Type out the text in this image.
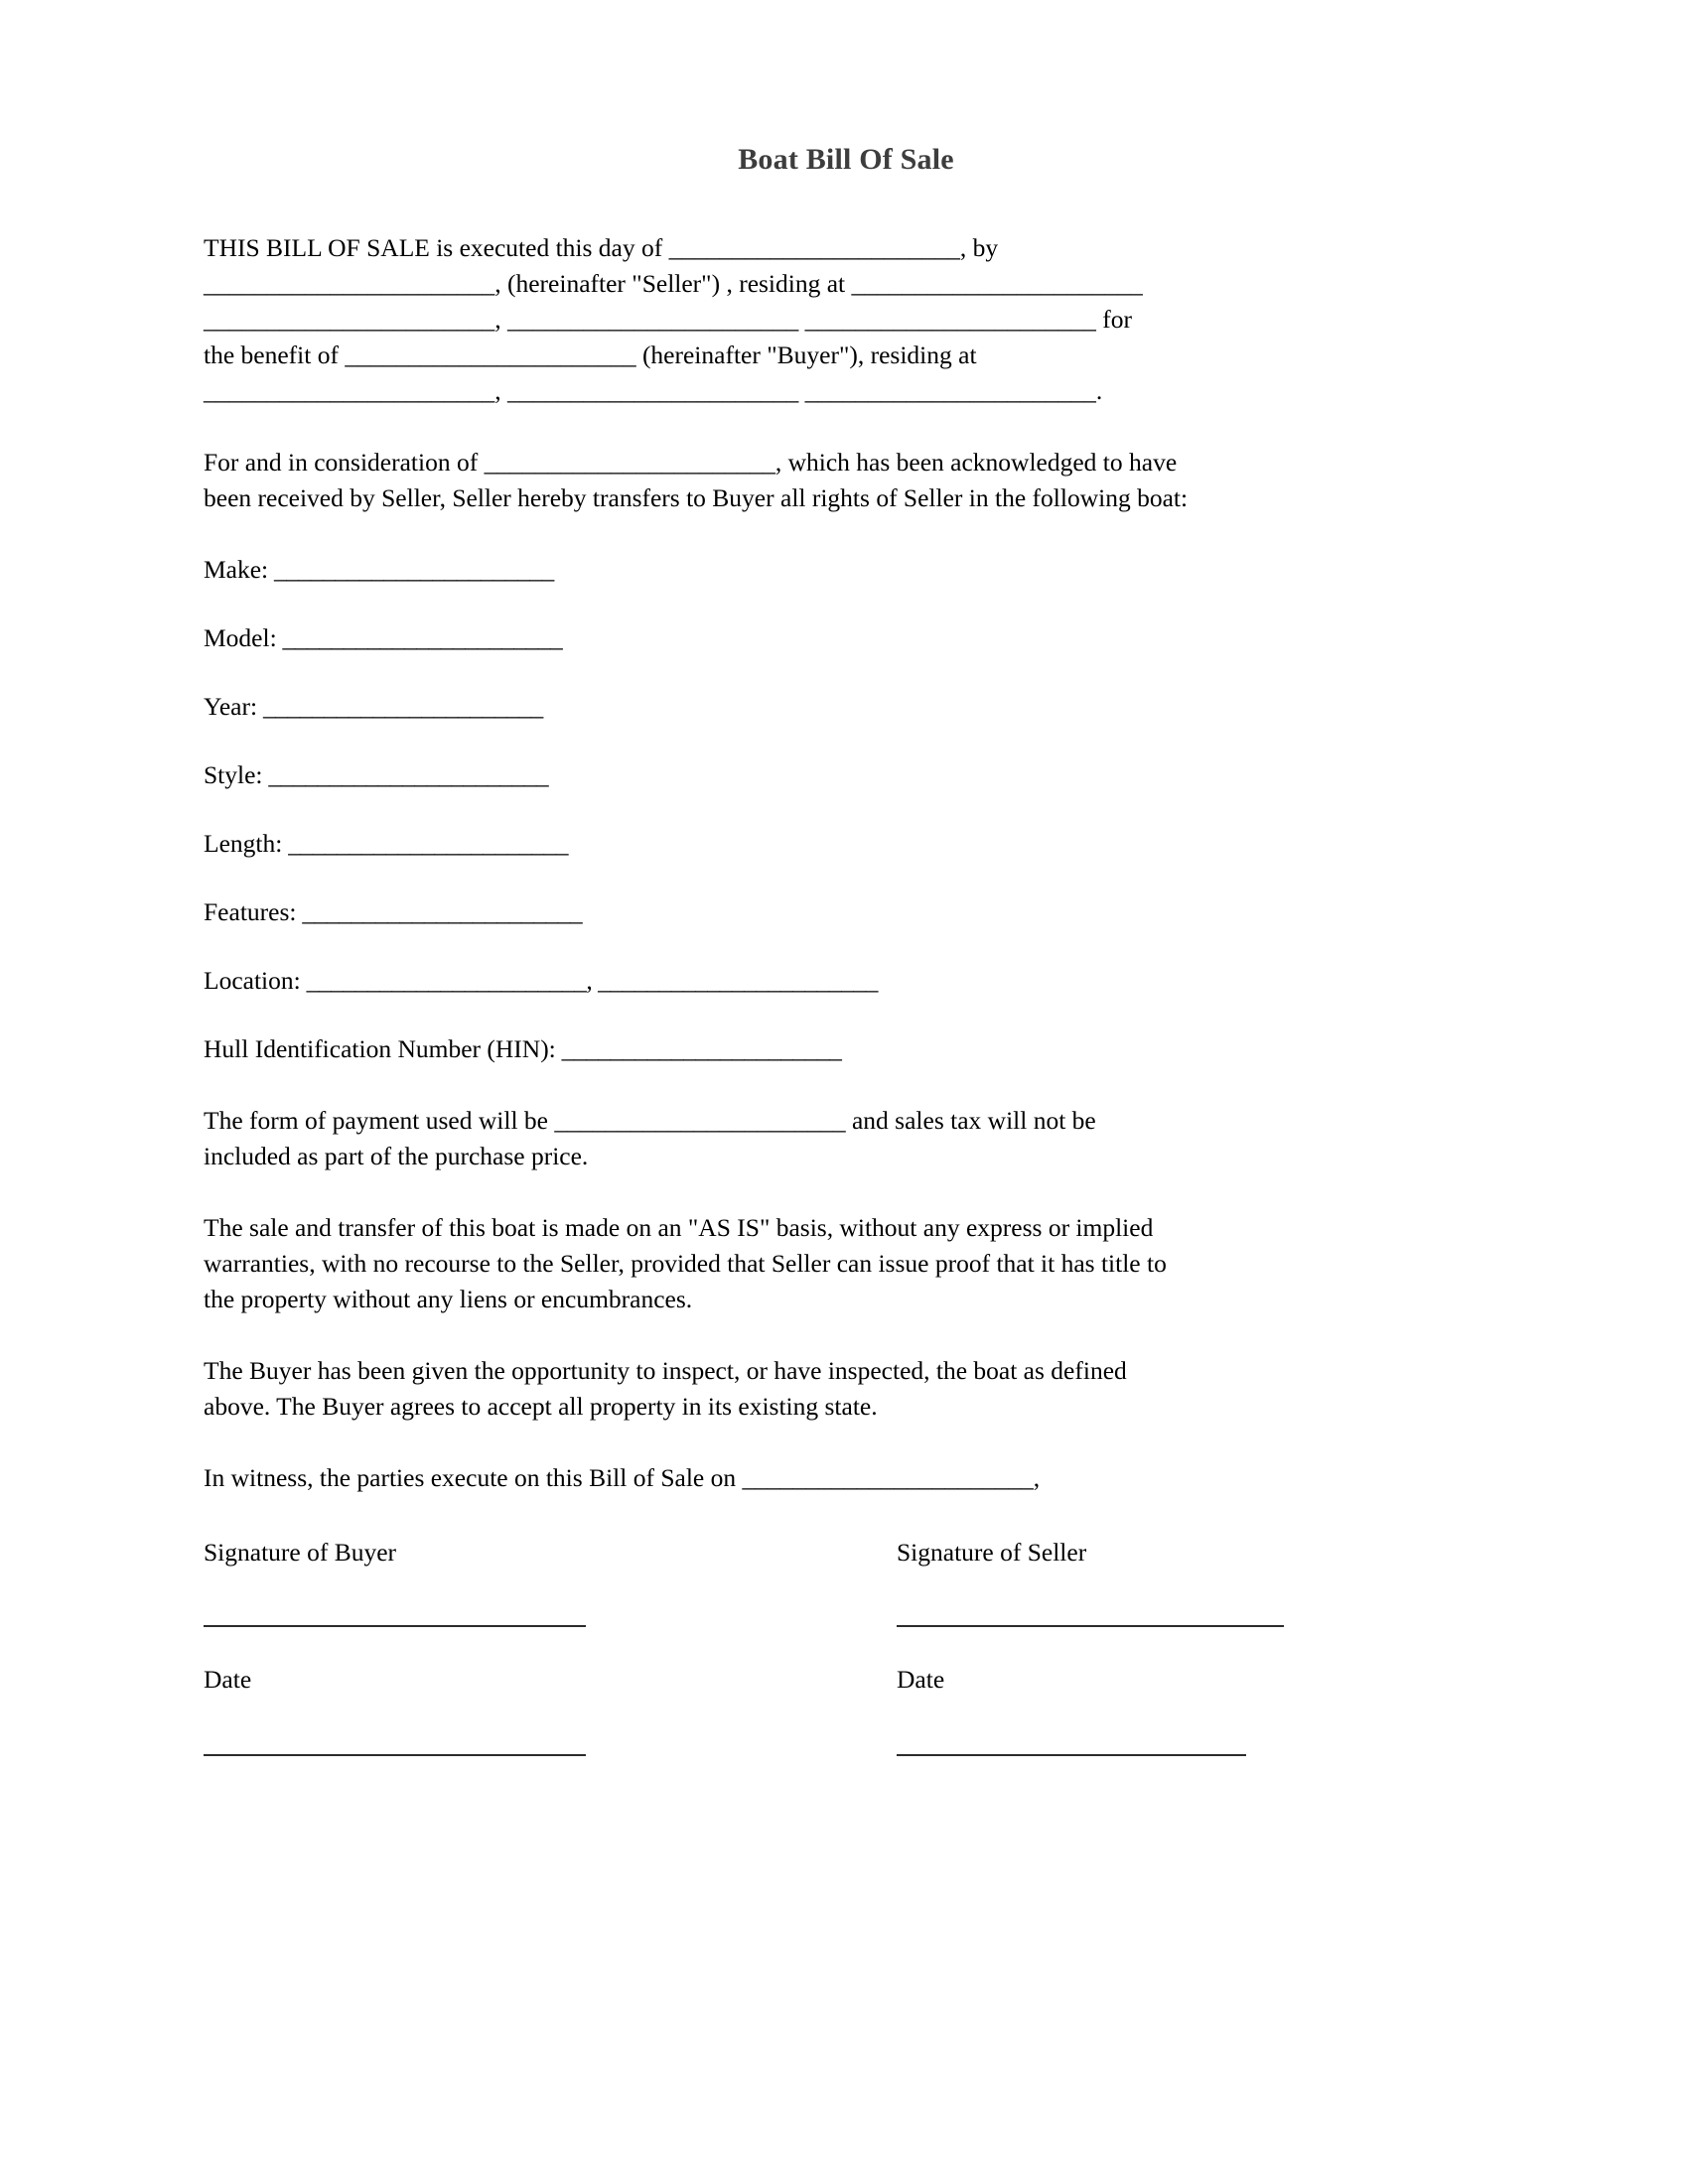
Boat Bill Of Sale

THIS BILL OF SALE is executed this day of _______________________, by

_______________________, (hereinafter "Seller") , residing at _______________________

_______________________, _______________________ _______________________ for

the benefit of _______________________ (hereinafter "Buyer"), residing at

_______________________, _______________________ _______________________.

For and in consideration of _______________________, which has been acknowledged to have

been received by Seller, Seller hereby transfers to Buyer all rights of Seller in the following boat:

Make: _______________________

Model: _______________________

Year: _______________________

Style: _______________________

Length: _______________________

Features: _______________________

Location: _______________________, _______________________

Hull Identification Number (HIN): _______________________

The form of payment used will be _______________________ and sales tax will not be

included as part of the purchase price.

The sale and transfer of this boat is made on an "AS IS" basis, without any express or implied

warranties, with no recourse to the Seller, provided that Seller can issue proof that it has title to

the property without any liens or encumbrances.

The Buyer has been given the opportunity to inspect, or have inspected, the boat as defined

above. The Buyer agrees to accept all property in its existing state.

In witness, the parties execute on this Bill of Sale on _______________________,

Signature of Buyer

Date

Signature of Seller

Date
